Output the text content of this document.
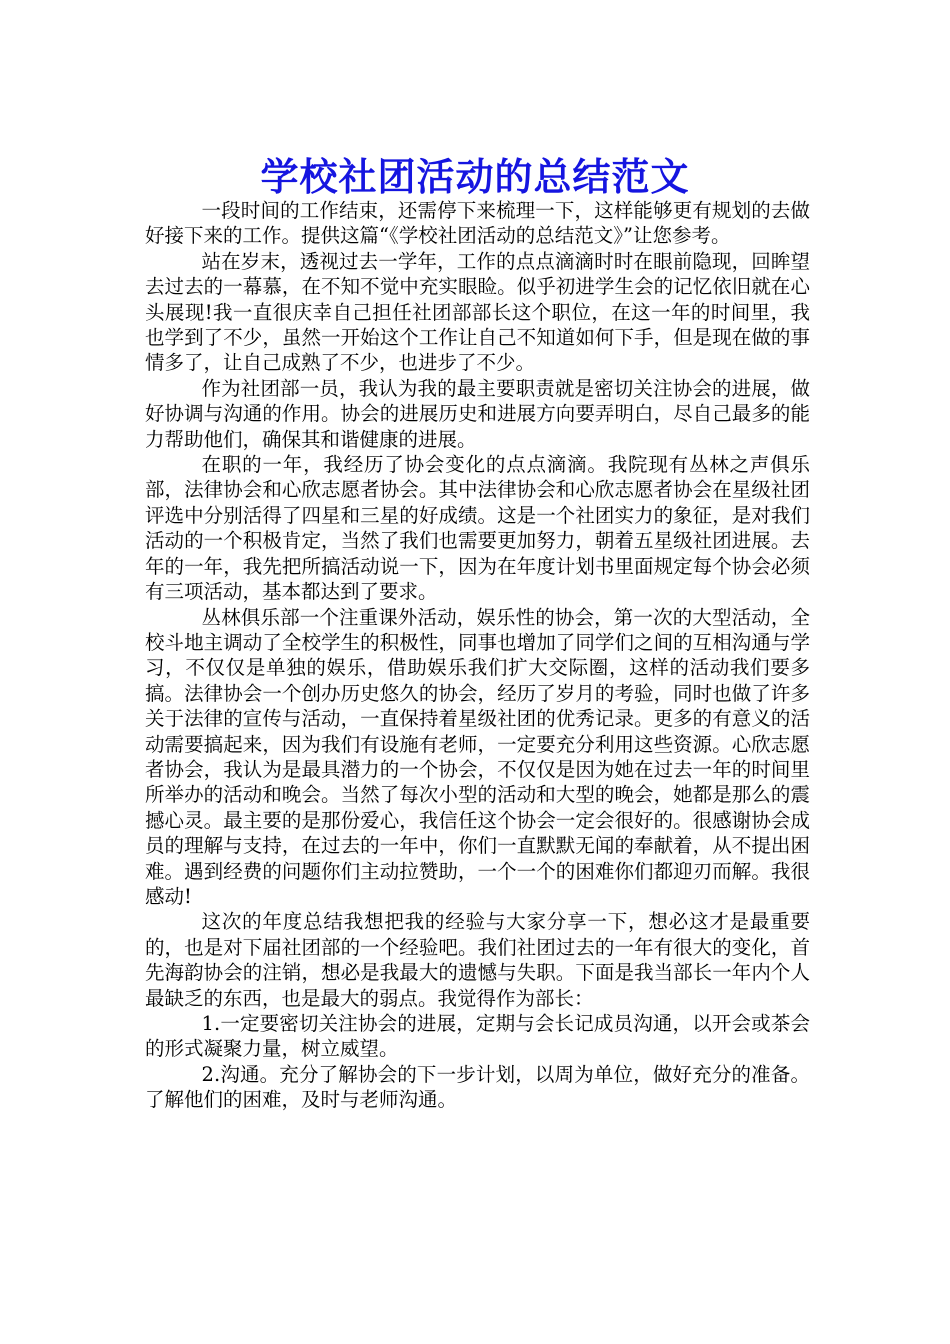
学校社团活动的总结范文

一段时间的工作结束，还需停下来梳理一下，这样能够更有规划的去做好接下来的工作。提供这篇“《学校社团活动的总结范文》”让您参考。

站在岁末，透视过去一学年，工作的点点滴滴时时在眼前隐现，回眸望去过去的一幕慕，在不知不觉中充实眼睑。似乎初进学生会的记忆依旧就在心头展现!我一直很庆幸自己担任社团部部长这个职位，在这一年的时间里，我也学到了不少，虽然一开始这个工作让自己不知道如何下手，但是现在做的事情多了，让自己成熟了不少，也进步了不少。

作为社团部一员，我认为我的最主要职责就是密切关注协会的进展，做好协调与沟通的作用。协会的进展历史和进展方向要弄明白，尽自己最多的能力帮助他们，确保其和谐健康的进展。

在职的一年，我经历了协会变化的点点滴滴。我院现有丛林之声俱乐部，法律协会和心欣志愿者协会。其中法律协会和心欣志愿者协会在星级社团评选中分别活得了四星和三星的好成绩。这是一个社团实力的象征，是对我们活动的一个积极肯定，当然了我们也需要更加努力，朝着五星级社团进展。去年的一年，我先把所搞活动说一下，因为在年度计划书里面规定每个协会必须有三项活动，基本都达到了要求。

丛林俱乐部一个注重课外活动，娱乐性的协会，第一次的大型活动，全校斗地主调动了全校学生的积极性，同事也增加了同学们之间的互相沟通与学习，不仅仅是单独的娱乐，借助娱乐我们扩大交际圈，这样的活动我们要多搞。法律协会一个创办历史悠久的协会，经历了岁月的考验，同时也做了许多关于法律的宣传与活动，一直保持着星级社团的优秀记录。更多的有意义的活动需要搞起来，因为我们有设施有老师，一定要充分利用这些资源。心欣志愿者协会，我认为是最具潜力的一个协会，不仅仅是因为她在过去一年的时间里所举办的活动和晚会。当然了每次小型的活动和大型的晚会，她都是那么的震撼心灵。最主要的是那份爱心，我信任这个协会一定会很好的。很感谢协会成员的理解与支持，在过去的一年中，你们一直默默无闻的奉献着，从不提出困难。遇到经费的问题你们主动拉赞助，一个一个的困难你们都迎刃而解。我很感动!

这次的年度总结我想把我的经验与大家分享一下，想必这才是最重要的，也是对下届社团部的一个经验吧。我们社团过去的一年有很大的变化，首先海韵协会的注销，想必是我最大的遗憾与失职。下面是我当部长一年内个人最缺乏的东西，也是最大的弱点。我觉得作为部长：

1.一定要密切关注协会的进展，定期与会长记成员沟通，以开会或茶会的形式凝聚力量，树立威望。

2.沟通。充分了解协会的下一步计划，以周为单位，做好充分的准备。了解他们的困难，及时与老师沟通。
